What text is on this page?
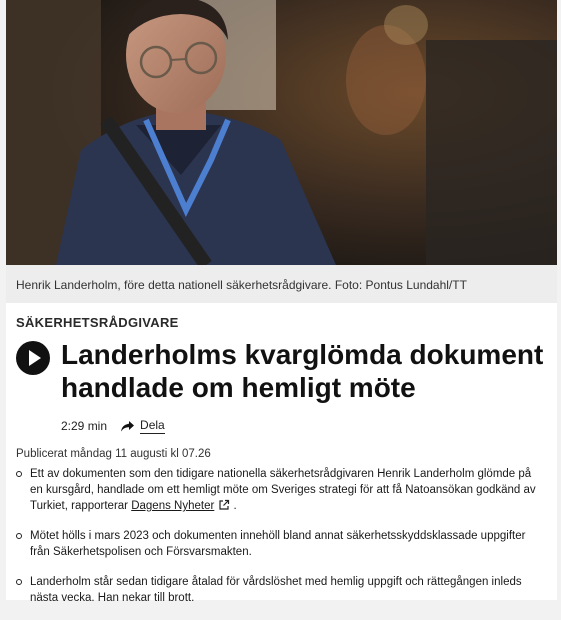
Henrik Landerholm, före detta nationell säkerhetsrådgivare. Foto: Pontus Lundahl/TT
SÄKERHETSRÅDGIVARE
Landerholms kvarglömda dokument handlade om hemligt möte
2:29 min	Dela
Publicerat måndag 11 augusti kl 07.26
Ett av dokumenten som den tidigare nationella säkerhetsrådgivaren Henrik Landerholm glömde på en kursgård, handlade om ett hemligt möte om Sveriges strategi för att få Natoansökan godkänd av Turkiet, rapporterar Dagens Nyheter .
Mötet hölls i mars 2023 och dokumenten innehöll bland annat säkerhetsskyddsklassade uppgifter från Säkerhetspolisen och Försvarsmakten.
Landerholm står sedan tidigare åtalad för vårdslöshet med hemlig uppgift och rättegången inleds nästa vecka. Han nekar till brott.
